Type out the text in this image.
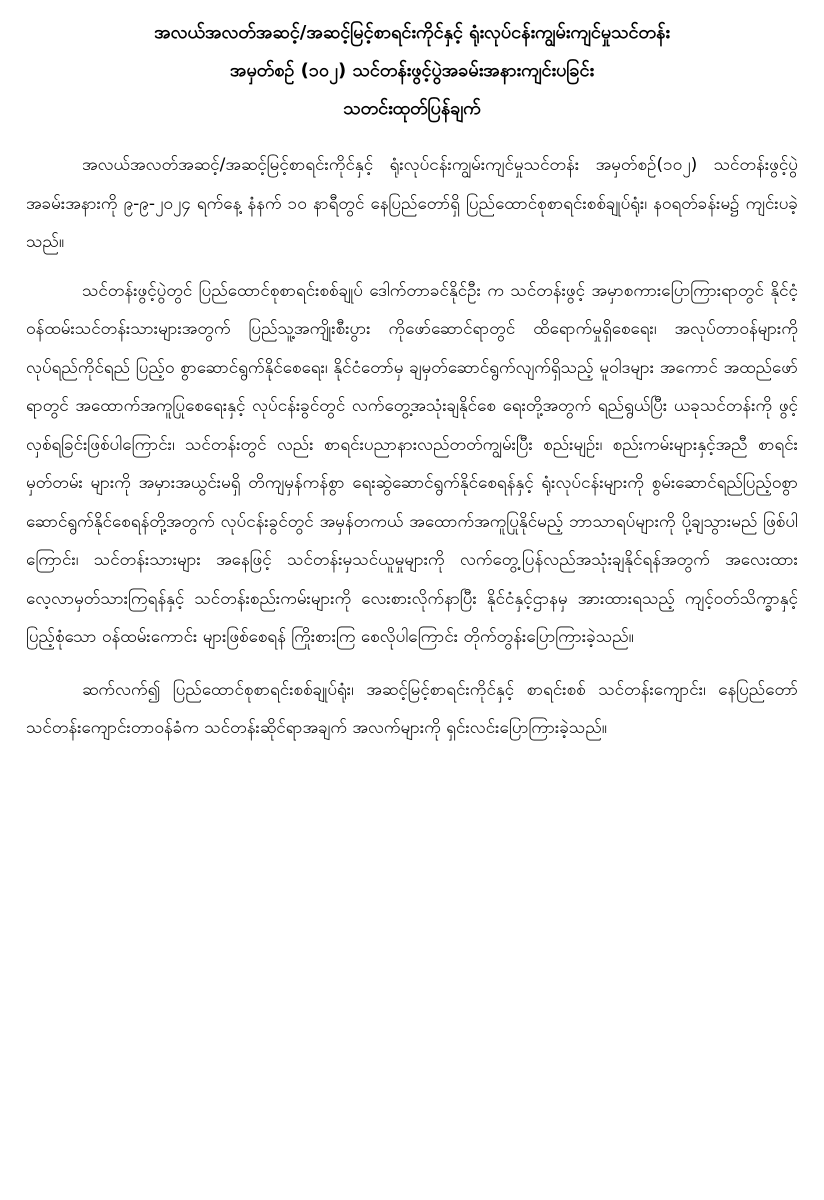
အလယ်အလတ်အဆင့်/အဆင့်မြင့်စာရင်းကိုင်နှင့် ရုံးလုပ်ငန်းကျွမ်းကျင်မှုသင်တန်း
အမှတ်စဉ် (၁၀၂) သင်တန်းဖွင့်ပွဲအခမ်းအနားကျင်းပခြင်း
သတင်းထုတ်ပြန်ချက်

အလယ်အလတ်အဆင့်/အဆင့်မြင့်စာရင်းကိုင်နှင့် ရုံးလုပ်ငန်းကျွမ်းကျင်မှုသင်တန်း အမှတ်စဉ်(၁၀၂) သင်တန်းဖွင့်ပွဲ အခမ်းအနားကို ၉-၉-၂၀၂၄ ရက်နေ့ နံနက် ၁၀ နာရီတွင် နေပြည်တော်ရှိ ပြည်ထောင်စုစာရင်းစစ်ချုပ်ရုံး၊ နဝရတ်ခန်းမ၌ ကျင်းပခဲ့သည်။

သင်တန်းဖွင့်ပွဲတွင် ပြည်ထောင်စုစာရင်းစစ်ချုပ် ဒေါက်တာခင်နိုင်ဦး က သင်တန်းဖွင့် အမှာစကားပြောကြားရာတွင် နိုင်ငံ့ဝန်ထမ်းသင်တန်းသားများအတွက် ပြည်သူ့အကျိုးစီးပွား ကိုဖော်ဆောင်ရာတွင် ထိရောက်မှုရှိစေရေး၊ အလုပ်တာဝန်များကို လုပ်ရည်ကိုင်ရည် ပြည့်ဝ စွာဆောင်ရွက်နိုင်စေရေး၊ နိုင်ငံတော်မှ ချမှတ်ဆောင်ရွက်လျက်ရှိသည့် မူဝါဒများ အကောင် အထည်ဖော်ရာတွင် အထောက်အကူပြုစေရေးနှင့် လုပ်ငန်းခွင်တွင် လက်တွေ့အသုံးချနိုင်စေ ရေးတို့အတွက် ရည်ရွယ်ပြီး ယခုသင်တန်းကို ဖွင့်လှစ်ရခြင်းဖြစ်ပါကြောင်း၊ သင်တန်းတွင် လည်း စာရင်းပညာနားလည်တတ်ကျွမ်းပြီး စည်းမျဉ်း၊ စည်းကမ်းများနှင့်အညီ စာရင်းမှတ်တမ်း များကို အမှားအယွင်းမရှိ တိကျမှန်ကန်စွာ ရေးဆွဲဆောင်ရွက်နိုင်စေရန်နှင့် ရုံးလုပ်ငန်းများကို စွမ်းဆောင်ရည်ပြည့်ဝစွာ ဆောင်ရွက်နိုင်စေရန်တို့အတွက် လုပ်ငန်းခွင်တွင် အမှန်တကယ် အထောက်အကူပြုနိုင်မည့် ဘာသာရပ်များကို ပို့ချသွားမည် ဖြစ်ပါကြောင်း၊ သင်တန်းသားများ အနေဖြင့် သင်တန်းမှသင်ယူမှုများကို လက်တွေ့ပြန်လည်အသုံးချနိုင်ရန်အတွက် အလေးထား လေ့လာမှတ်သားကြရန်နှင့် သင်တန်းစည်းကမ်းများကို လေးစားလိုက်နာပြီး နိုင်ငံနှင့်ဌာနမှ အားထားရသည့် ကျင့်ဝတ်သိက္ခာနှင့်ပြည့်စုံသော ဝန်ထမ်းကောင်း များဖြစ်စေရန် ကြိုးစားကြ စေလိုပါကြောင်း တိုက်တွန်းပြောကြားခဲ့သည်။

ဆက်လက်၍ ပြည်ထောင်စုစာရင်းစစ်ချုပ်ရုံး၊ အဆင့်မြင့်စာရင်းကိုင်နှင့် စာရင်းစစ် သင်တန်းကျောင်း၊ နေပြည်တော်သင်တန်းကျောင်းတာဝန်ခံက သင်တန်းဆိုင်ရာအချက် အလက်များကို ရှင်းလင်းပြောကြားခဲ့သည်။
